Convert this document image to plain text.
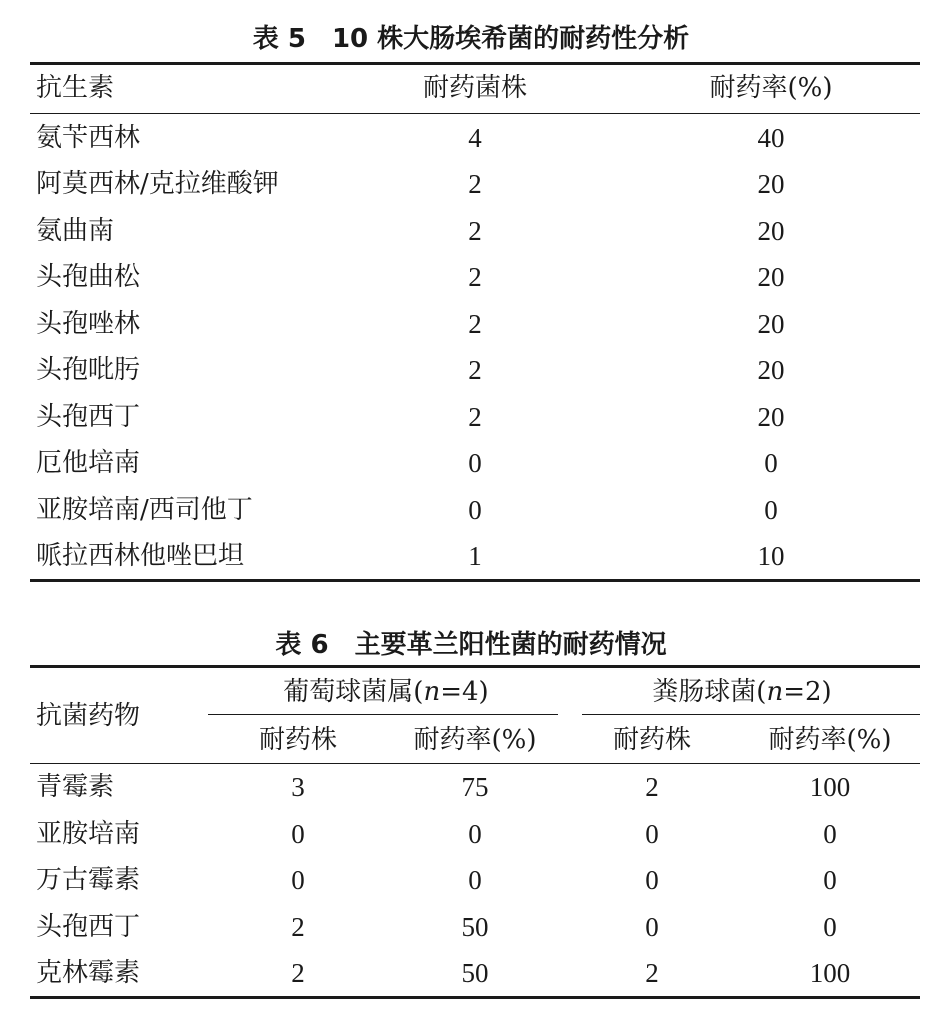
表 5　10 株大肠埃希菌的耐药性分析
抗生素	耐药菌株	耐药率(%)
氨苄西林	4	40
阿莫西林/克拉维酸钾	2	20
氨曲南	2	20
头孢曲松	2	20
头孢唑林	2	20
头孢吡肟	2	20
头孢西丁	2	20
厄他培南	0	0
亚胺培南/西司他丁	0	0
哌拉西林他唑巴坦	1	10
表 6　主要革兰阳性菌的耐药情况
抗菌药物
葡萄球菌属(n=4)	粪肠球菌(n=2)
耐药株	耐药率(%)	耐药株	耐药率(%)
青霉素	3	75	2	100
亚胺培南	0	0	0	0
万古霉素	0	0	0	0
头孢西丁	2	50	0	0
克林霉素	2	50	2	100
